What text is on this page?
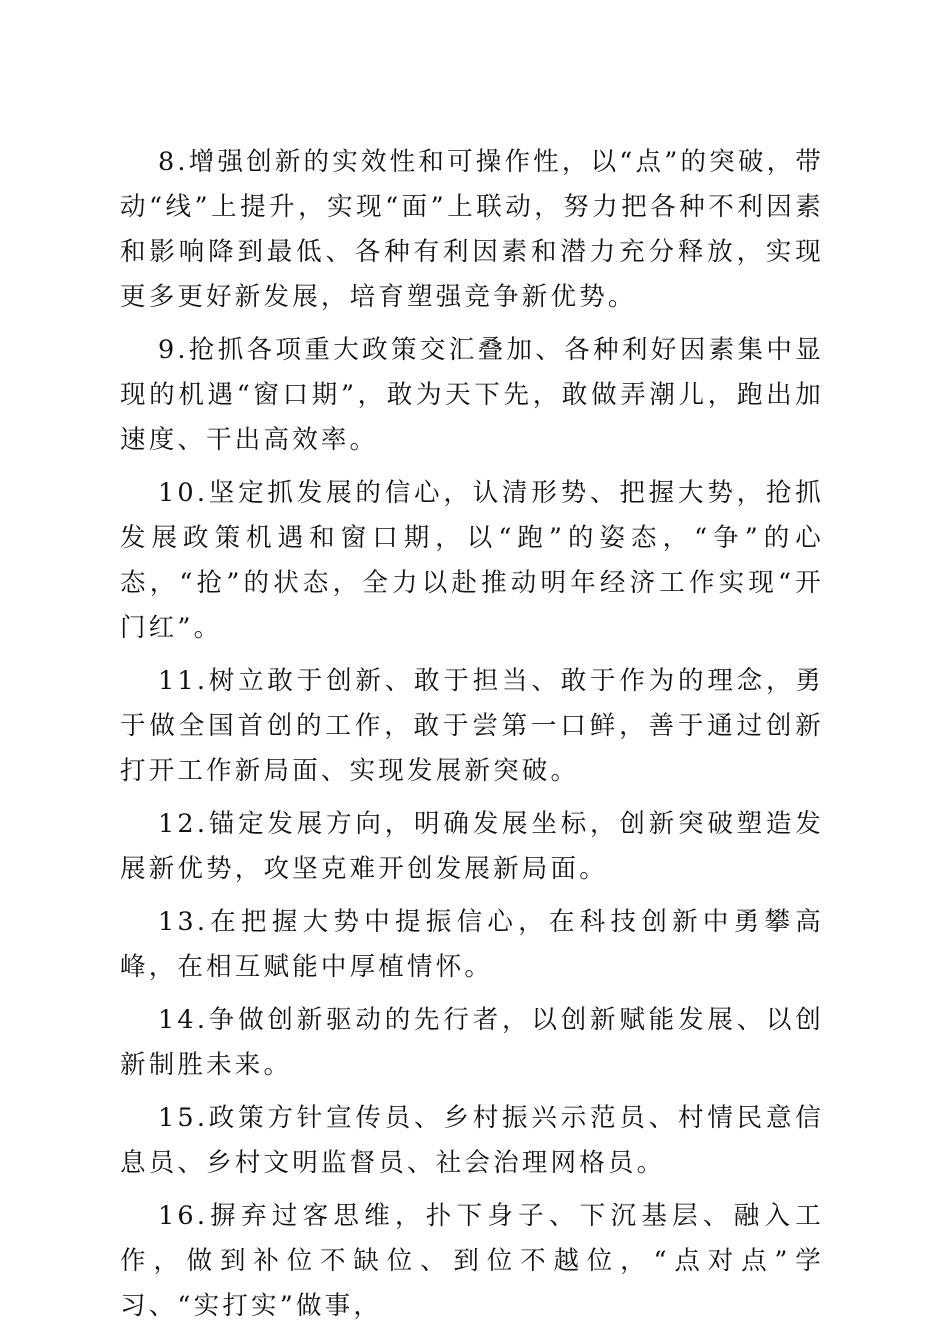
8.增强创新的实效性和可操作性，以“点”的突破，带动“线”上提升，实现“面”上联动，努力把各种不利因素和影响降到最低、各种有利因素和潜力充分释放，实现更多更好新发展，培育塑强竞争新优势。

9.抢抓各项重大政策交汇叠加、各种利好因素集中显现的机遇“窗口期”，敢为天下先，敢做弄潮儿，跑出加速度、干出高效率。

10.坚定抓发展的信心，认清形势、把握大势，抢抓发展政策机遇和窗口期，以“跑”的姿态，“争”的心态，“抢”的状态，全力以赴推动明年经济工作实现“开门红”。

11.树立敢于创新、敢于担当、敢于作为的理念，勇于做全国首创的工作，敢于尝第一口鲜，善于通过创新打开工作新局面、实现发展新突破。

12.锚定发展方向，明确发展坐标，创新突破塑造发展新优势，攻坚克难开创发展新局面。

13.在把握大势中提振信心，在科技创新中勇攀高峰，在相互赋能中厚植情怀。

14.争做创新驱动的先行者，以创新赋能发展、以创新制胜未来。

15.政策方针宣传员、乡村振兴示范员、村情民意信息员、乡村文明监督员、社会治理网格员。

16.摒弃过客思维，扑下身子、下沉基层、融入工作，做到补位不缺位、到位不越位，“点对点”学习、“实打实”做事，
